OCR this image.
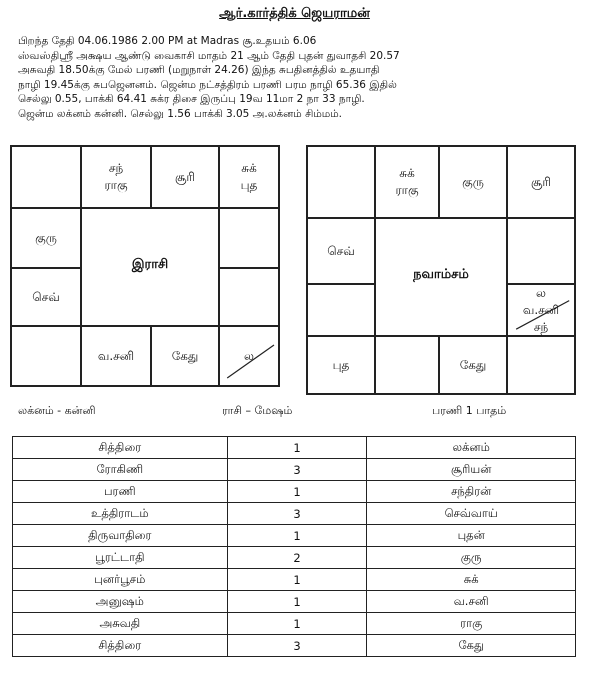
ஆர்.கார்த்திக் ஜெயராமன்
பிறந்த தேதி 04.06.1986 2.00 PM at Madras சூ.உதயம் 6.06
ஸ்வஸ்திஸ்ரீ அக்ஷய ஆண்டு வைகாசி மாதம் 21 ஆம் தேதி புதன் துவாதசி 20.57
அசுவதி 18.50க்கு மேல் பரணி (மறுநாள் 24.26) இந்த சுபதினத்தில் உதயாதி
நாழி 19.45க்கு சுபஜெனனம். ஜென்ம நட்சத்திரம் பரணி பரம நாழி 65.36 இதில்
செல்லு 0.55, பாக்கி 64.41 சுக்ர திசை இருப்பு 19வ 11மா 2 நா 33 நாழி.
ஜென்ம லக்னம் கன்னி. செல்லு 1.56 பாக்கி 3.05 அ.லக்னம் சிம்மம்.
சந்
ராகு
சூரி
சுக்
புத
குரு
செவ்
வ.சனி	கேது	ல
இராசி
சுக்
ராகு
குரு	சூரி
செவ்
ல
வ.சனி
சந்
புத	கேது
நவாம்சம்
லக்னம் - கன்னி	ராசி – மேஷம்	பரணி 1 பாதம்
சித்திரை	1	லக்னம்
ரோகிணி	3	சூரியன்
பரணி	1	சந்திரன்
உத்திராடம்	3	செவ்வாய்
திருவாதிரை	1	புதன்
பூரட்டாதி	2	குரு
புனர்பூசம்	1	சுக்
அனுஷம்	1	வ.சனி
அசுவதி	1	ராகு
சித்திரை	3	கேது
